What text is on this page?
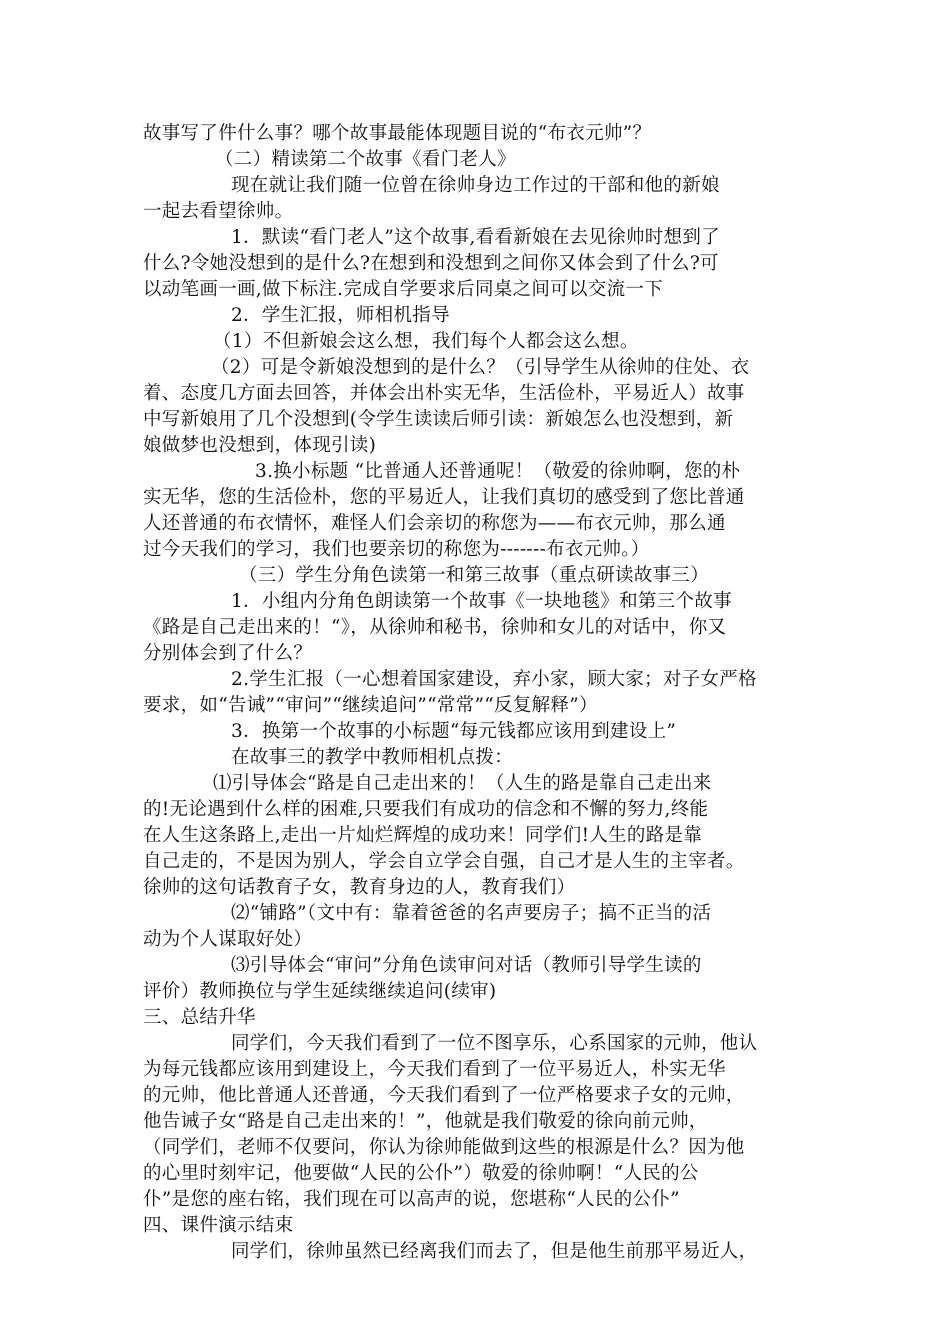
故事写了件什么事？哪个故事最能体现题目说的“布衣元帅”？
（二）精读第二个故事《看门老人》
现在就让我们随一位曾在徐帅身边工作过的干部和他的新娘
一起去看望徐帅。
1．默读“看门老人”这个故事,看看新娘在去见徐帅时想到了
什么?令她没想到的是什么?在想到和没想到之间你又体会到了什么?可
以动笔画一画,做下标注.完成自学要求后同桌之间可以交流一下
2．学生汇报，师相机指导
（1）不但新娘会这么想，我们每个人都会这么想。
（2）可是令新娘没想到的是什么？（引导学生从徐帅的住处、衣
着、态度几方面去回答，并体会出朴实无华，生活俭朴，平易近人）故事
中写新娘用了几个没想到(令学生读读后师引读：新娘怎么也没想到，新
娘做梦也没想到，体现引读)
3.换小标题 “比普通人还普通呢！（敬爱的徐帅啊，您的朴
实无华，您的生活俭朴，您的平易近人，让我们真切的感受到了您比普通
人还普通的布衣情怀，难怪人们会亲切的称您为——布衣元帅，那么通
过今天我们的学习，我们也要亲切的称您为-------布衣元帅。）
（三）学生分角色读第一和第三故事（重点研读故事三）
1．小组内分角色朗读第一个故事《一块地毯》和第三个故事
《路是自己走出来的！“》，从徐帅和秘书，徐帅和女儿的对话中，你又
分别体会到了什么？
2.学生汇报（一心想着国家建设，弃小家，顾大家；对子女严格
要求，如“告诫”“审问”“继续追问”“常常”“反复解释”）
3．换第一个故事的小标题“每元钱都应该用到建设上”
在故事三的教学中教师相机点拨：
⑴引导体会“路是自己走出来的！（人生的路是靠自己走出来
的!无论遇到什么样的困难,只要我们有成功的信念和不懈的努力,终能
在人生这条路上,走出一片灿烂辉煌的成功来！同学们!人生的路是靠
自己走的，不是因为别人，学会自立学会自强，自己才是人生的主宰者。
徐帅的这句话教育子女，教育身边的人，教育我们）
⑵“铺路”（文中有：靠着爸爸的名声要房子；搞不正当的活
动为个人谋取好处）
⑶引导体会“审问”分角色读审问对话（教师引导学生读的
评价）教师换位与学生延续继续追问(续审)
三、总结升华
同学们，今天我们看到了一位不图享乐，心系国家的元帅，他认
为每元钱都应该用到建设上，今天我们看到了一位平易近人，朴实无华
的元帅，他比普通人还普通，今天我们看到了一位严格要求子女的元帅，
他告诫子女“路是自己走出来的！”，他就是我们敬爱的徐向前元帅，
（同学们，老师不仅要问，你认为徐帅能做到这些的根源是什么？因为他
的心里时刻牢记，他要做“人民的公仆”）敬爱的徐帅啊！“人民的公
仆”是您的座右铭，我们现在可以高声的说，您堪称“人民的公仆”
四、课件演示结束
同学们，徐帅虽然已经离我们而去了，但是他生前那平易近人，
